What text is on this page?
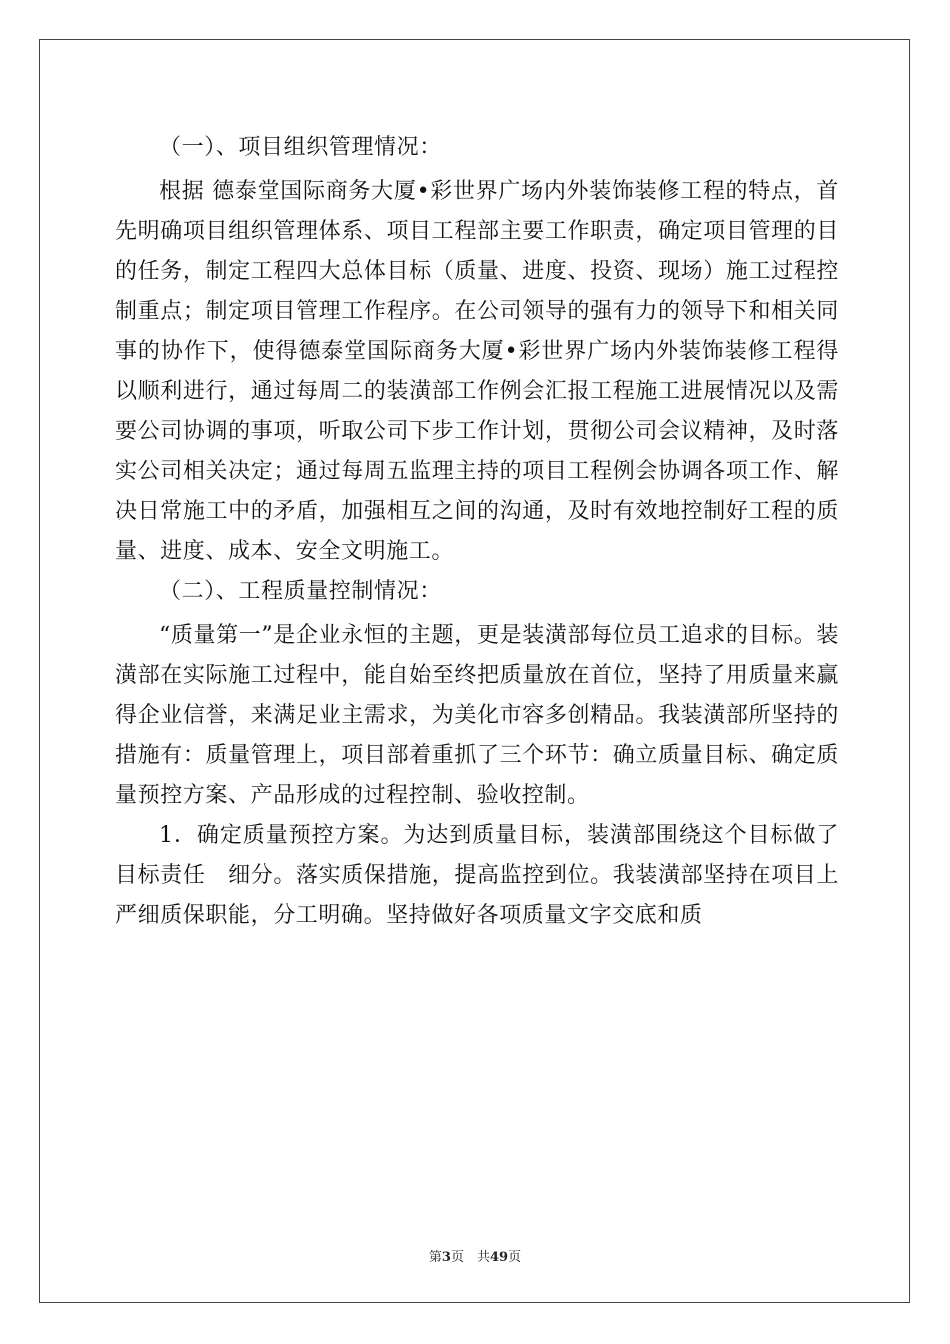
（一）、项目组织管理情况：

根据 德泰堂国际商务大厦•彩世界广场内外装饰装修工程的特点，首先明确项目组织管理体系、项目工程部主要工作职责，确定项目管理的目的任务，制定工程四大总体目标（质量、进度、投资、现场）施工过程控制重点；制定项目管理工作程序。在公司领导的强有力的领导下和相关同事的协作下，使得德泰堂国际商务大厦•彩世界广场内外装饰装修工程得以顺利进行，通过每周二的装潢部工作例会汇报工程施工进展情况以及需要公司协调的事项，听取公司下步工作计划，贯彻公司会议精神，及时落实公司相关决定；通过每周五监理主持的项目工程例会协调各项工作、解决日常施工中的矛盾，加强相互之间的沟通，及时有效地控制好工程的质量、进度、成本、安全文明施工。

（二）、工程质量控制情况：

“质量第一”是企业永恒的主题，更是装潢部每位员工追求的目标。装潢部在实际施工过程中，能自始至终把质量放在首位，坚持了用质量来赢得企业信誉，来满足业主需求，为美化市容多创精品。我装潢部所坚持的措施有：质量管理上，项目部着重抓了三个环节：确立质量目标、确定质量预控方案、产品形成的过程控制、验收控制。

1．确定质量预控方案。为达到质量目标，装潢部围绕这个目标做了目标责任　细分。落实质保措施，提高监控到位。我装潢部坚持在项目上严细质保职能，分工明确。坚持做好各项质量文字交底和质

第3页　 共49页
